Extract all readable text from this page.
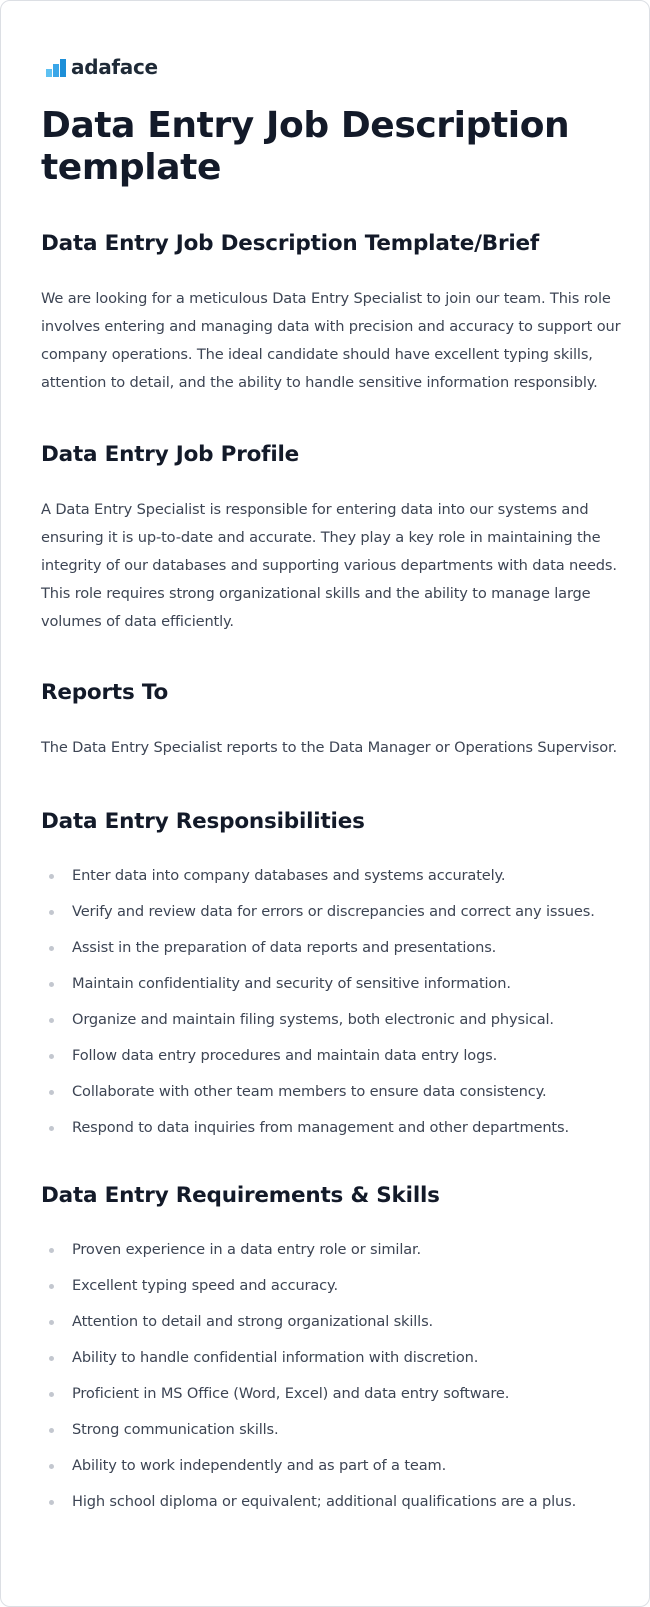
adaface
Data Entry Job Description template
Data Entry Job Description Template/Brief

We are looking for a meticulous Data Entry Specialist to join our team. This role involves entering and managing data with precision and accuracy to support our company operations. The ideal candidate should have excellent typing skills, attention to detail, and the ability to handle sensitive information responsibly.

Data Entry Job Profile

A Data Entry Specialist is responsible for entering data into our systems and ensuring it is up-to-date and accurate. They play a key role in maintaining the integrity of our databases and supporting various departments with data needs. This role requires strong organizational skills and the ability to manage large volumes of data efficiently.

Reports To

The Data Entry Specialist reports to the Data Manager or Operations Supervisor.

Data Entry Responsibilities
Enter data into company databases and systems accurately.
Verify and review data for errors or discrepancies and correct any issues.
Assist in the preparation of data reports and presentations.
Maintain confidentiality and security of sensitive information.
Organize and maintain filing systems, both electronic and physical.
Follow data entry procedures and maintain data entry logs.
Collaborate with other team members to ensure data consistency.
Respond to data inquiries from management and other departments.
Data Entry Requirements & Skills
Proven experience in a data entry role or similar.
Excellent typing speed and accuracy.
Attention to detail and strong organizational skills.
Ability to handle confidential information with discretion.
Proficient in MS Office (Word, Excel) and data entry software.
Strong communication skills.
Ability to work independently and as part of a team.
High school diploma or equivalent; additional qualifications are a plus.
